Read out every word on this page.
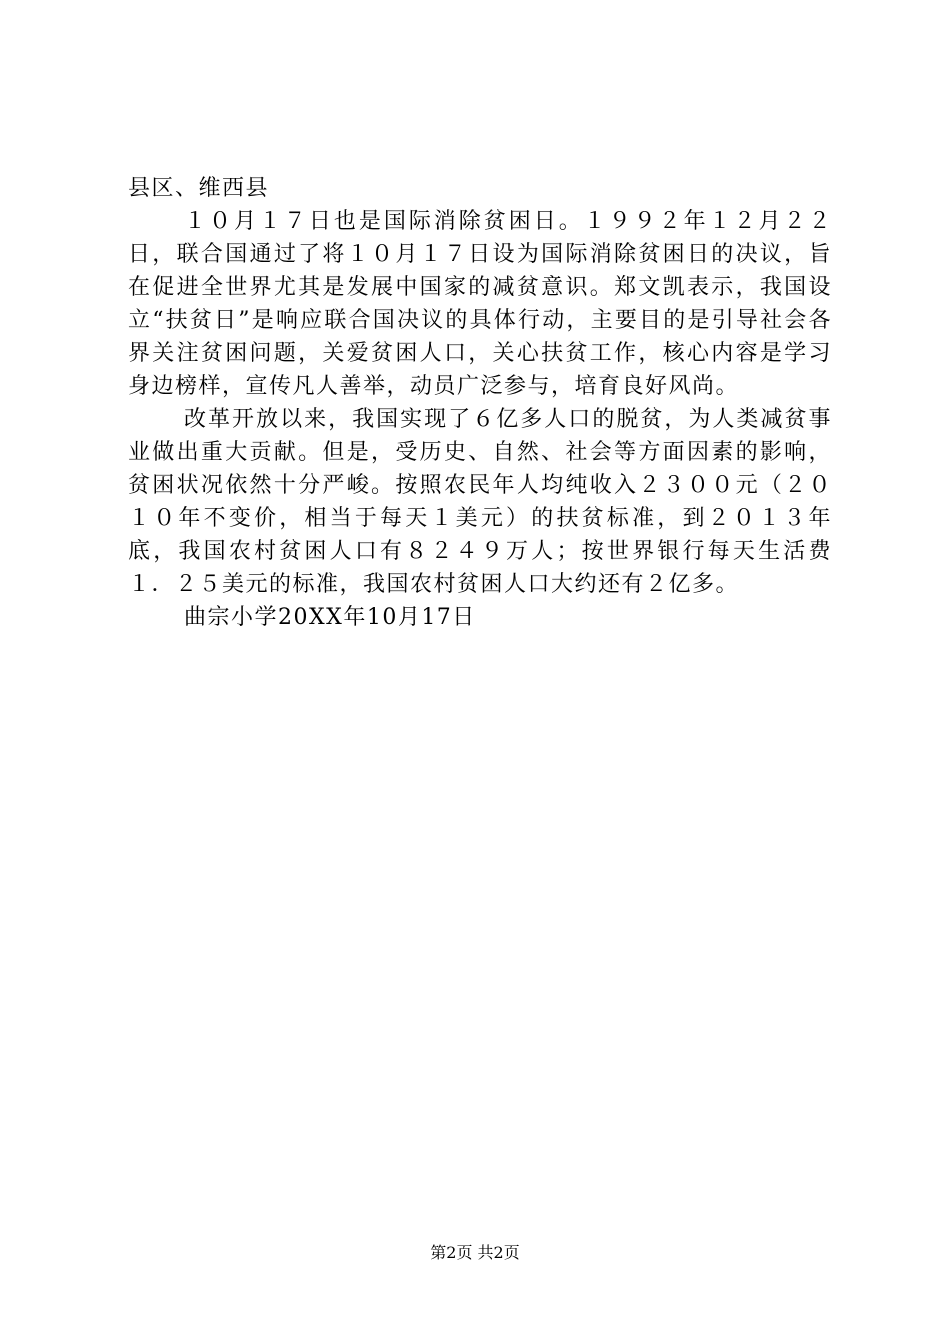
县区、维西县

１０月１７日也是国际消除贫困日。１９９２年１２月２２日，联合国通过了将１０月１７日设为国际消除贫困日的决议，旨在促进全世界尤其是发展中国家的减贫意识。郑文凯表示，我国设立“扶贫日”是响应联合国决议的具体行动，主要目的是引导社会各界关注贫困问题，关爱贫困人口，关心扶贫工作，核心内容是学习身边榜样，宣传凡人善举，动员广泛参与，培育良好风尚。

改革开放以来，我国实现了６亿多人口的脱贫，为人类减贫事业做出重大贡献。但是，受历史、自然、社会等方面因素的影响，贫困状况依然十分严峻。按照农民年人均纯收入２３００元（２０１０年不变价，相当于每天１美元）的扶贫标准，到２０１３年底，我国农村贫困人口有８２４９万人；按世界银行每天生活费１．２５美元的标准，我国农村贫困人口大约还有２亿多。

曲宗小学20XX年10月17日

第2页 共2页
